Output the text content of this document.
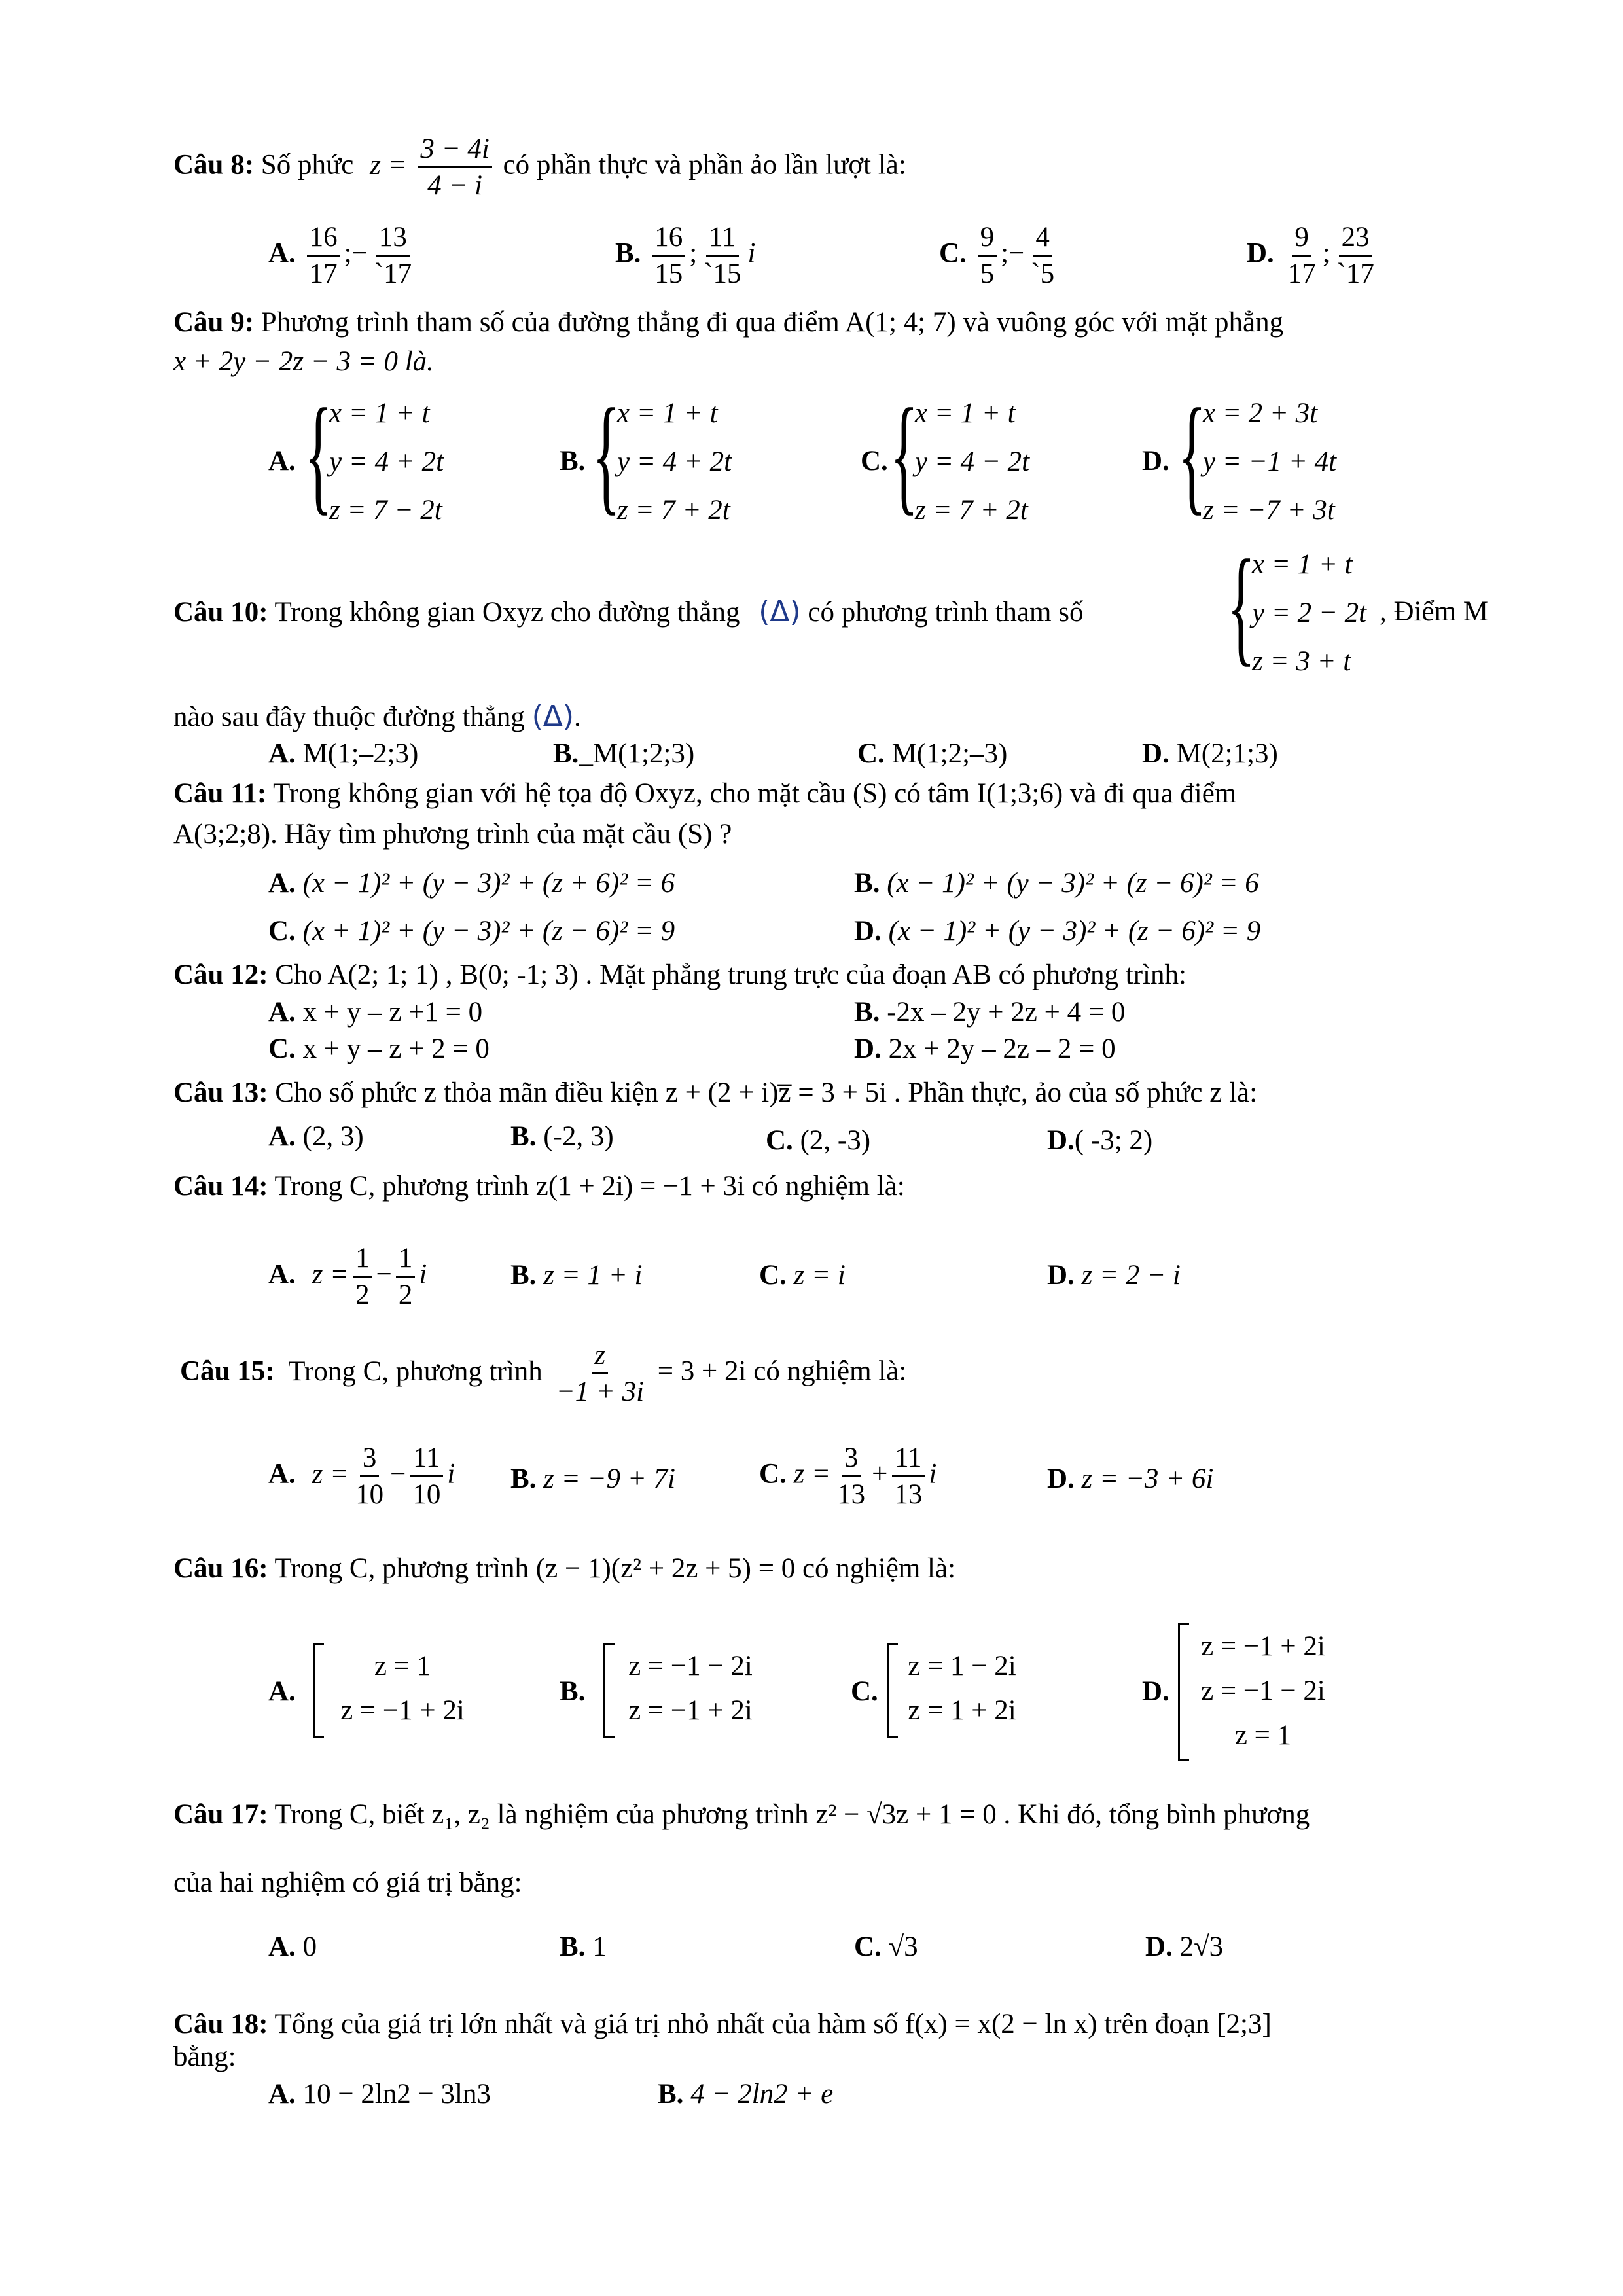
Câu 8: Số phức $z = \frac{3 - 4i}{4 - i}$ có phần thực và phần ảo lần lượt là:
A. $\frac{16}{17}$ ;− $\frac{13}{`17}$	B. $\frac{16}{15}$ ; $\frac{11}{`15}$ i	C. $\frac{9}{5}$ ;− $\frac{4}{`5}$	D. $\frac{9}{17}$ ; $\frac{23}{`17}$
Câu 9: Phương trình tham số của đường thẳng đi qua điểm A(1; 4; 7) và vuông góc với mặt phẳng
x + 2y − 2z − 3 = 0 là.
A. {
x = 1 + t
y = 4 + 2t
z = 7 − 2t
B. {
x = 1 + t
y = 4 + 2t
z = 7 + 2t
C. {
x = 1 + t
y = 4 − 2t
z = 7 + 2t
D. {
x = 2 + 3t
y = −1 + 4t
z = −7 + 3t
Câu 10: Trong không gian Oxyz cho đường thẳng (Δ) có phương trình tham số {
x = 1 + t
y = 2 − 2t
z = 3 + t
, Điểm M
nào sau đây thuộc đường thẳng (Δ).
A. M(1;–2;3)	B._M(1;2;3)	C. M(1;2;–3)	D. M(2;1;3)
Câu 11: Trong không gian với hệ tọa độ Oxyz, cho mặt cầu (S) có tâm I(1;3;6) và đi qua điểm
A(3;2;8). Hãy tìm phương trình của mặt cầu (S) ?
A. (x − 1)² + (y − 3)² + (z + 6)² = 6	B. (x − 1)² + (y − 3)² + (z − 6)² = 6
C. (x + 1)² + (y − 3)² + (z − 6)² = 9	D. (x − 1)² + (y − 3)² + (z − 6)² = 9
Câu 12: Cho A(2; 1; 1) , B(0; -1; 3) . Mặt phẳng trung trực của đoạn AB có phương trình:
A. x + y – z +1 = 0	B. -2x – 2y + 2z + 4 = 0
C. x + y – z + 2 = 0	D. 2x + 2y – 2z – 2 = 0
Câu 13: Cho số phức z thỏa mãn điều kiện z + (2 + i)z̅ = 3 + 5i . Phần thực, ảo của số phức z là:
A. (2, 3)	B. (-2, 3)	C. (2, -3)	D.( -3; 2)
Câu 14: Trong C, phương trình z(1 + 2i) = −1 + 3i có nghiệm là:
A. $z = \frac{1}{2} - \frac{1}{2}$ i	B. z = 1 + i	C. z = i	D. z = 2 − i
Câu 15: Trong C, phương trình $\frac{z}{-1 + 3i} = 3 + 2i$ có nghiệm là:
A. $z = \frac{3}{10} - \frac{11}{10}$ i B. z = −9 + 7i	C. $z = \frac{3}{13} + \frac{11}{13}$ i	D. z = −3 + 6i
Câu 16: Trong C, phương trình (z − 1)(z² + 2z + 5) = 0 có nghiệm là:
A.
z = 1
z = −1 + 2i
B.
z = −1 − 2i
z = −1 + 2i
C.
z = 1 − 2i
z = 1 + 2i
D.
z = −1 + 2i
z = −1 − 2i
z = 1
Câu 17: Trong C, biết z₁, z₂ là nghiệm của phương trình z² − √3z + 1 = 0 . Khi đó, tổng bình phương
của hai nghiệm có giá trị bằng:
A. 0	B. 1	C. √3	D. 2√3
Câu 18: Tổng của giá trị lớn nhất và giá trị nhỏ nhất của hàm số f(x) = x(2 − ln x) trên đoạn [2;3]
bằng:
A. 10 − 2ln2 − 3ln3	B. 4 − 2ln2 + e
